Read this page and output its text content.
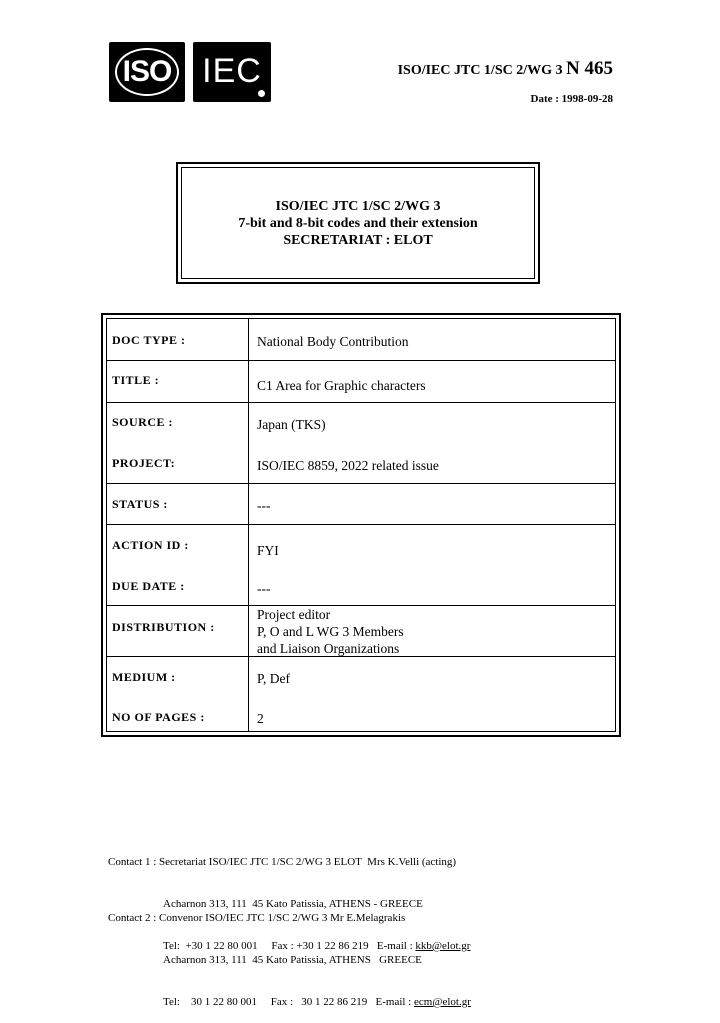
ISO IEC	ISO/IEC JTC 1/SC 2/WG 3 N 465
Date : 1998-09-28
ISO/IEC JTC 1/SC 2/WG 3
7-bit and 8-bit codes and their extension
SECRETARIAT : ELOT
DOC TYPE :	National Body Contribution
TITLE :	C1 Area for Graphic characters
SOURCE :	Japan (TKS)
PROJECT:	ISO/IEC 8859, 2022 related issue
STATUS :	---
ACTION ID :	FYI
DUE DATE :	---
DISTRIBUTION :
Project editor
P, O and L WG 3 Members
and Liaison Organizations
MEDIUM :	P, Def
NO OF PAGES :	2

Contact 1 : Secretariat ISO/IEC JTC 1/SC 2/WG 3 ELOT  Mrs K.Velli (acting)

Acharnon 313, 111  45 Kato Patissia, ATHENS - GREECE

Tel:  +30 1 22 80 001     Fax : +30 1 22 86 219   E-mail : kkb@elot.gr

Contact 2 : Convenor ISO/IEC JTC 1/SC 2/WG 3 Mr E.Melagrakis

Acharnon 313, 111  45 Kato Patissia, ATHENS   GREECE

Tel:    30 1 22 80 001     Fax :   30 1 22 86 219   E-mail : ecm@elot.gr
